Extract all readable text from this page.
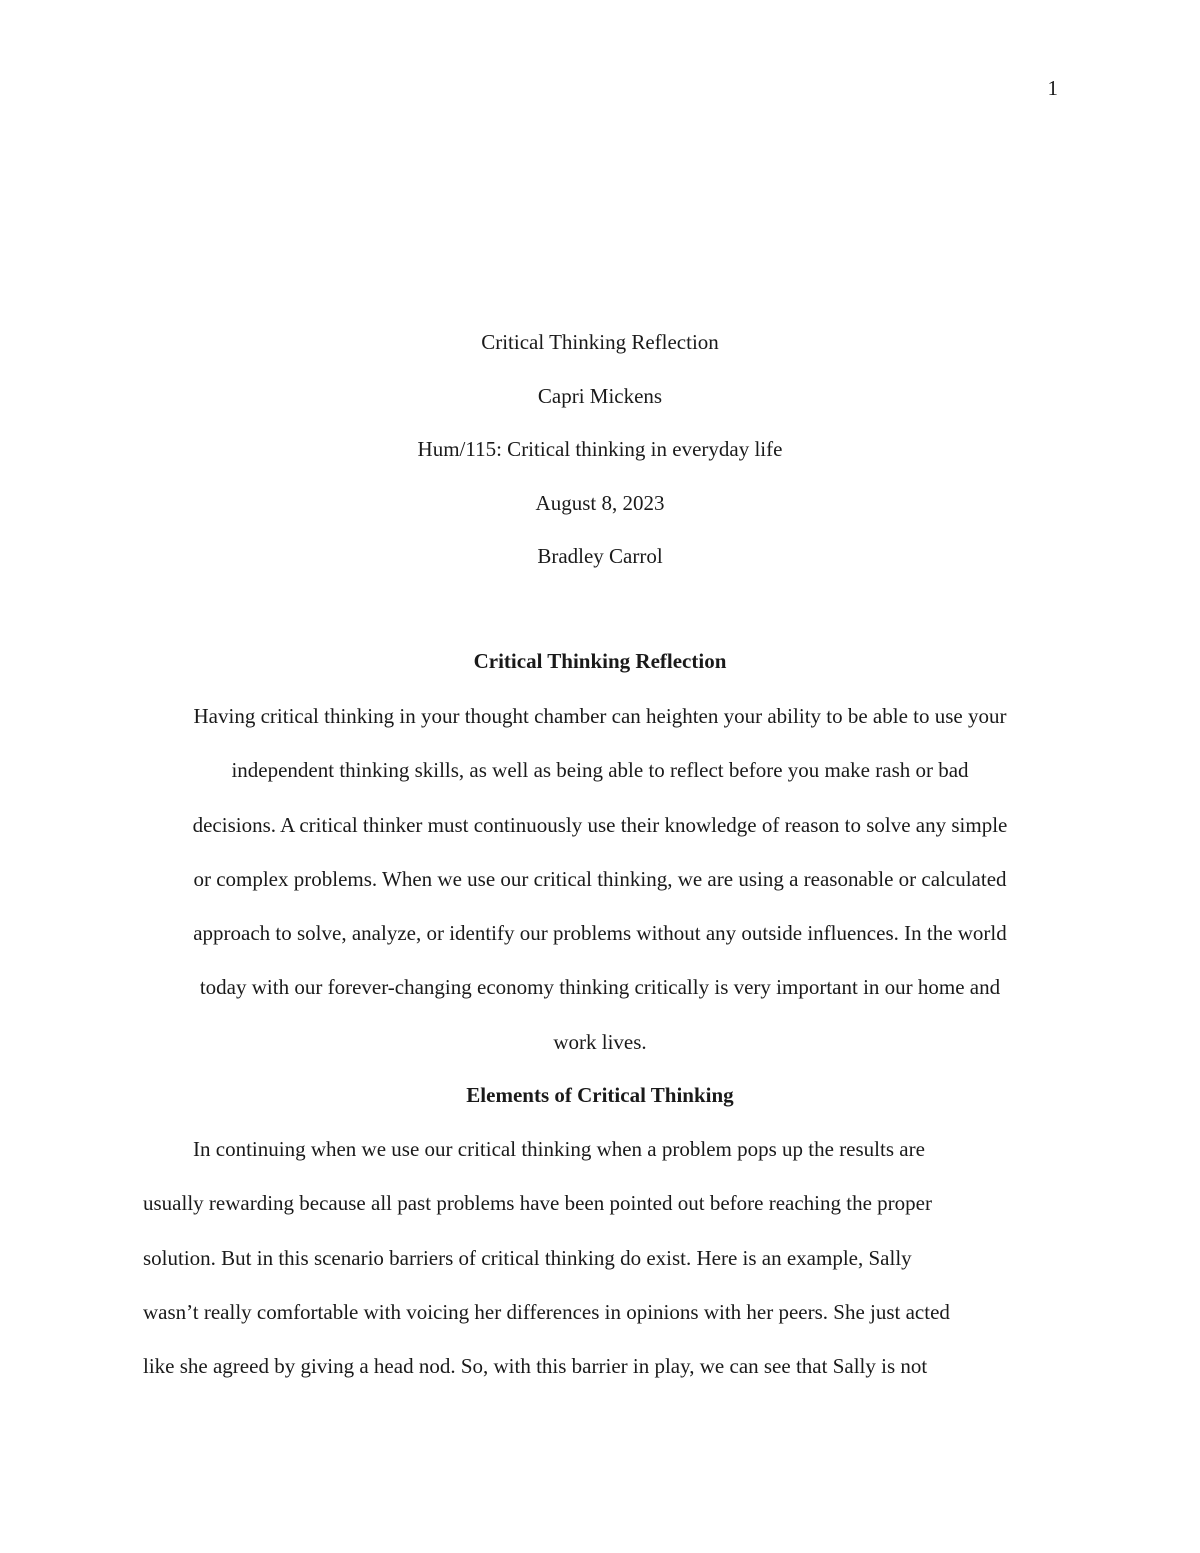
1
Critical Thinking Reflection
Capri Mickens
Hum/115: Critical thinking in everyday life
August 8, 2023
Bradley Carrol
Critical Thinking Reflection
Having critical thinking in your thought chamber can heighten your ability to be able to use your
independent thinking skills, as well as being able to reflect before you make rash or bad
decisions. A critical thinker must continuously use their knowledge of reason to solve any simple
or complex problems. When we use our critical thinking, we are using a reasonable or calculated
approach to solve, analyze, or identify our problems without any outside influences. In the world
today with our forever-changing economy thinking critically is very important in our home and
work lives.
Elements of Critical Thinking
In continuing when we use our critical thinking when a problem pops up the results are
usually rewarding because all past problems have been pointed out before reaching the proper
solution. But in this scenario barriers of critical thinking do exist. Here is an example, Sally
wasn’t really comfortable with voicing her differences in opinions with her peers. She just acted
like she agreed by giving a head nod. So, with this barrier in play, we can see that Sally is not
